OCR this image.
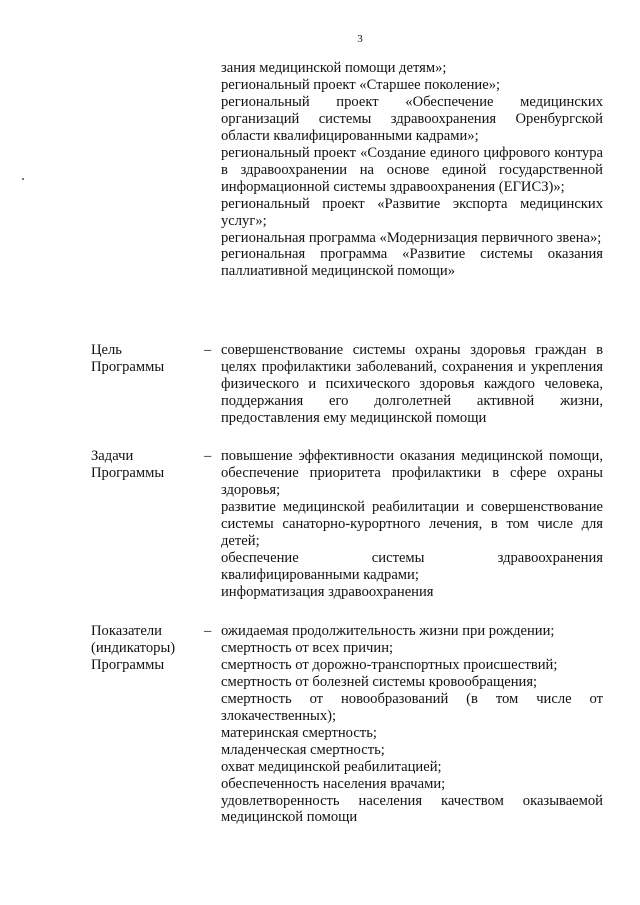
3
зания медицинской помощи детям»;
региональный проект «Старшее поколение»;
региональный проект «Обеспечение медицинских организаций системы здравоохранения Оренбургской области квалифицированными кадрами»;
региональный проект «Создание единого цифрового контура в здравоохранении на основе единой государственной информационной системы здравоохранения (ЕГИСЗ)»;
региональный проект «Развитие экспорта медицинских услуг»;
региональная программа «Модернизация первичного звена»;
региональная программа «Развитие системы оказания паллиативной медицинской помощи»
Цель
Программы
– совершенствование системы охраны здоровья граждан в целях профилактики заболеваний, сохранения и укрепления физического и психического здоровья каждого человека, поддержания его долголетней активной жизни, предоставления ему медицинской помощи
Задачи
Программы
– повышение эффективности оказания медицинской помощи, обеспечение приоритета профилактики в сфере охраны здоровья;
развитие медицинской реабилитации и совершенствование системы санаторно-курортного лечения, в том числе для детей;
обеспечение системы здравоохранения квалифицированными кадрами;
информатизация здравоохранения
Показатели
(индикаторы)
Программы
– ожидаемая продолжительность жизни при рождении;
смертность от всех причин;
смертность от дорожно-транспортных происшествий;
смертность от болезней системы кровообращения;
смертность от новообразований (в том числе от злокачественных);
материнская смертность;
младенческая смертность;
охват медицинской реабилитацией;
обеспеченность населения врачами;
удовлетворенность населения качеством оказываемой медицинской помощи
